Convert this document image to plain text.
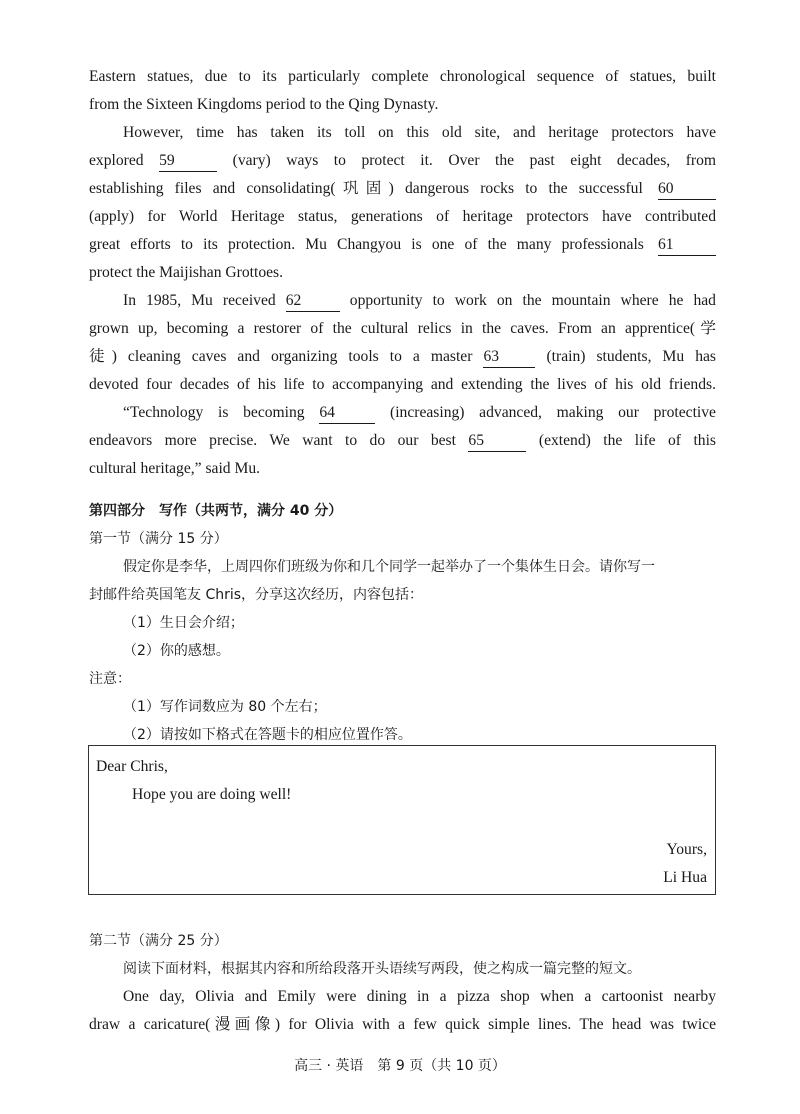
Eastern statues, due to its particularly complete chronological sequence of statues, built
from the Sixteen Kingdoms period to the Qing Dynasty.
However, time has taken its toll on this old site, and heritage protectors have
explored 59	(vary) ways to protect it. Over the past eight decades, from
establishing files and consolidating(巩固) dangerous rocks to the successful 60
(apply) for World Heritage status, generations of heritage protectors have contributed
great efforts to its protection. Mu Changyou is one of the many professionals 61
protect the Maijishan Grottoes.
In 1985, Mu received 62	opportunity to work on the mountain where he had
grown up, becoming a restorer of the cultural relics in the caves. From an apprentice(学
徒) cleaning caves and organizing tools to a master 63	(train) students, Mu has
devoted four decades of his life to accompanying and extending the lives of his old friends.
“Technology is becoming 64	(increasing) advanced, making our protective
endeavors more precise. We want to do our best 65	(extend) the life of this
cultural heritage,” said Mu.
第四部分　写作（共两节，满分 40 分）
第一节（满分 15 分）
假定你是李华，上周四你们班级为你和几个同学一起举办了一个集体生日会。请你写一
封邮件给英国笔友 Chris，分享这次经历，内容包括：
（1）生日会介绍；
（2）你的感想。
注意：
（1）写作词数应为 80 个左右；
（2）请按如下格式在答题卡的相应位置作答。
Dear Chris,
Hope you are doing well!
Yours,
Li Hua
第二节（满分 25 分）
阅读下面材料，根据其内容和所给段落开头语续写两段，使之构成一篇完整的短文。
One day, Olivia and Emily were dining in a pizza shop when a cartoonist nearby
draw a caricature(漫画像) for Olivia with a few quick simple lines. The head was twice
高三 · 英语　第 9 页（共 10 页）
